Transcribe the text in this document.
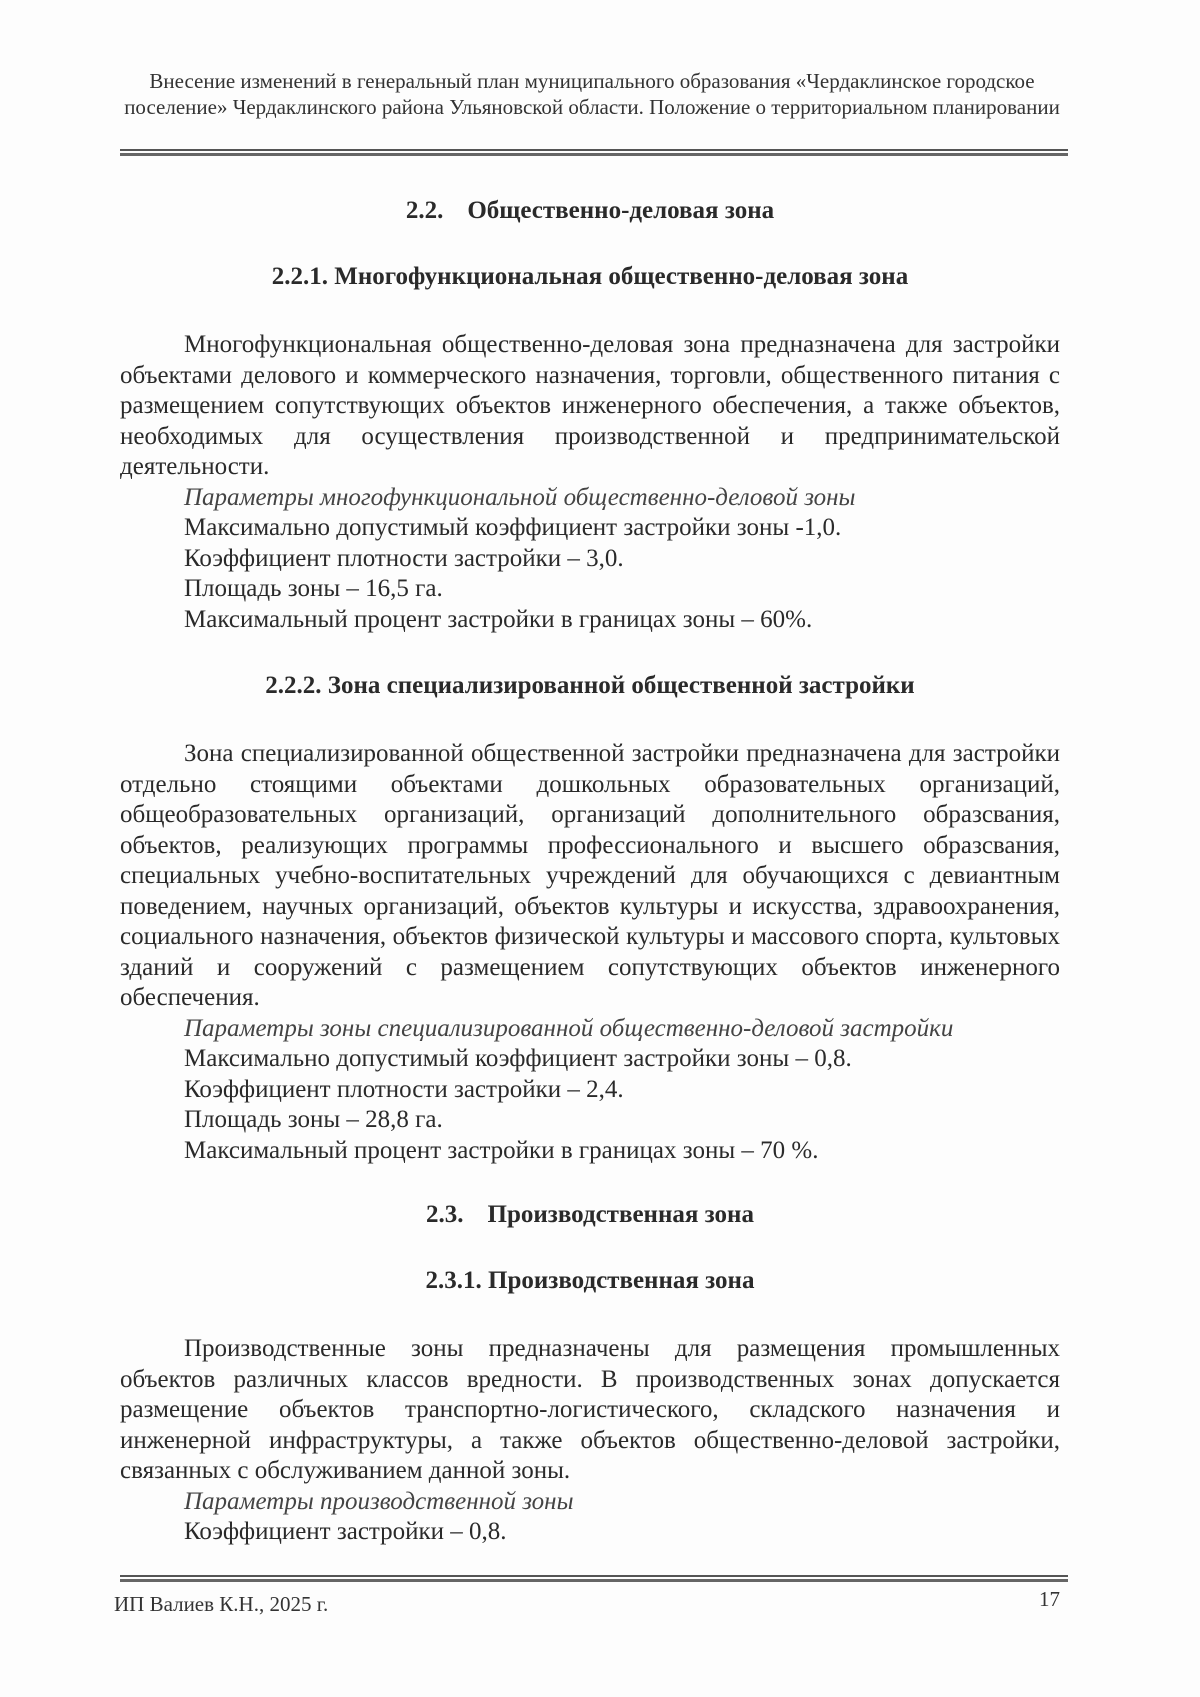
Внесение изменений в генеральный план муниципального образования «Чердаклинское городское поселение» Чердаклинского района Ульяновской области. Положение о территориальном планировании
2.2. Общественно-деловая зона
2.2.1. Многофункциональная общественно-деловая зона

Многофункциональная общественно-деловая зона предназначена для застройки объектами делового и коммерческого назначения, торговли, общественного питания с размещением сопутствующих объектов инженерного обеспечения, а также объектов, необходимых для осуществления производственной и предпринимательской деятельности.

Параметры многофункциональной общественно-деловой зоны

Максимально допустимый коэффициент застройки зоны -1,0.

Коэффициент плотности застройки – 3,0.

Площадь зоны – 16,5 га.

Максимальный процент застройки в границах зоны – 60%.

2.2.2. Зона специализированной общественной застройки

Зона специализированной общественной застройки предназначена для застройки отдельно стоящими объектами дошкольных образовательных организаций, общеобразовательных организаций, организаций дополнительного образсвания, объектов, реализующих программы профессионального и высшего образсвания, специальных учебно-воспитательных учреждений для обучающихся с девиантным поведением, научных организаций, объектов культуры и искусства, здравоохранения, социального назначения, объектов физической культуры и массового спорта, культовых зданий и сооружений с размещением сопутствующих объектов инженерного обеспечения.

Параметры зоны специализированной общественно-деловой застройки

Максимально допустимый коэффициент застройки зоны – 0,8.

Коэффициент плотности застройки – 2,4.

Площадь зоны – 28,8 га.

Максимальный процент застройки в границах зоны – 70 %.

2.3. Производственная зона
2.3.1. Производственная зона

Производственные зоны предназначены для размещения промышленных объектов различных классов вредности. В производственных зонах допускается размещение объектов транспортно-логистического, складского назначения и инженерной инфраструктуры, а также объектов общественно-деловой застройки, связанных с обслуживанием данной зоны.

Параметры производственной зоны

Коэффициент застройки – 0,8.

ИП Валиев К.Н., 2025 г.	17
